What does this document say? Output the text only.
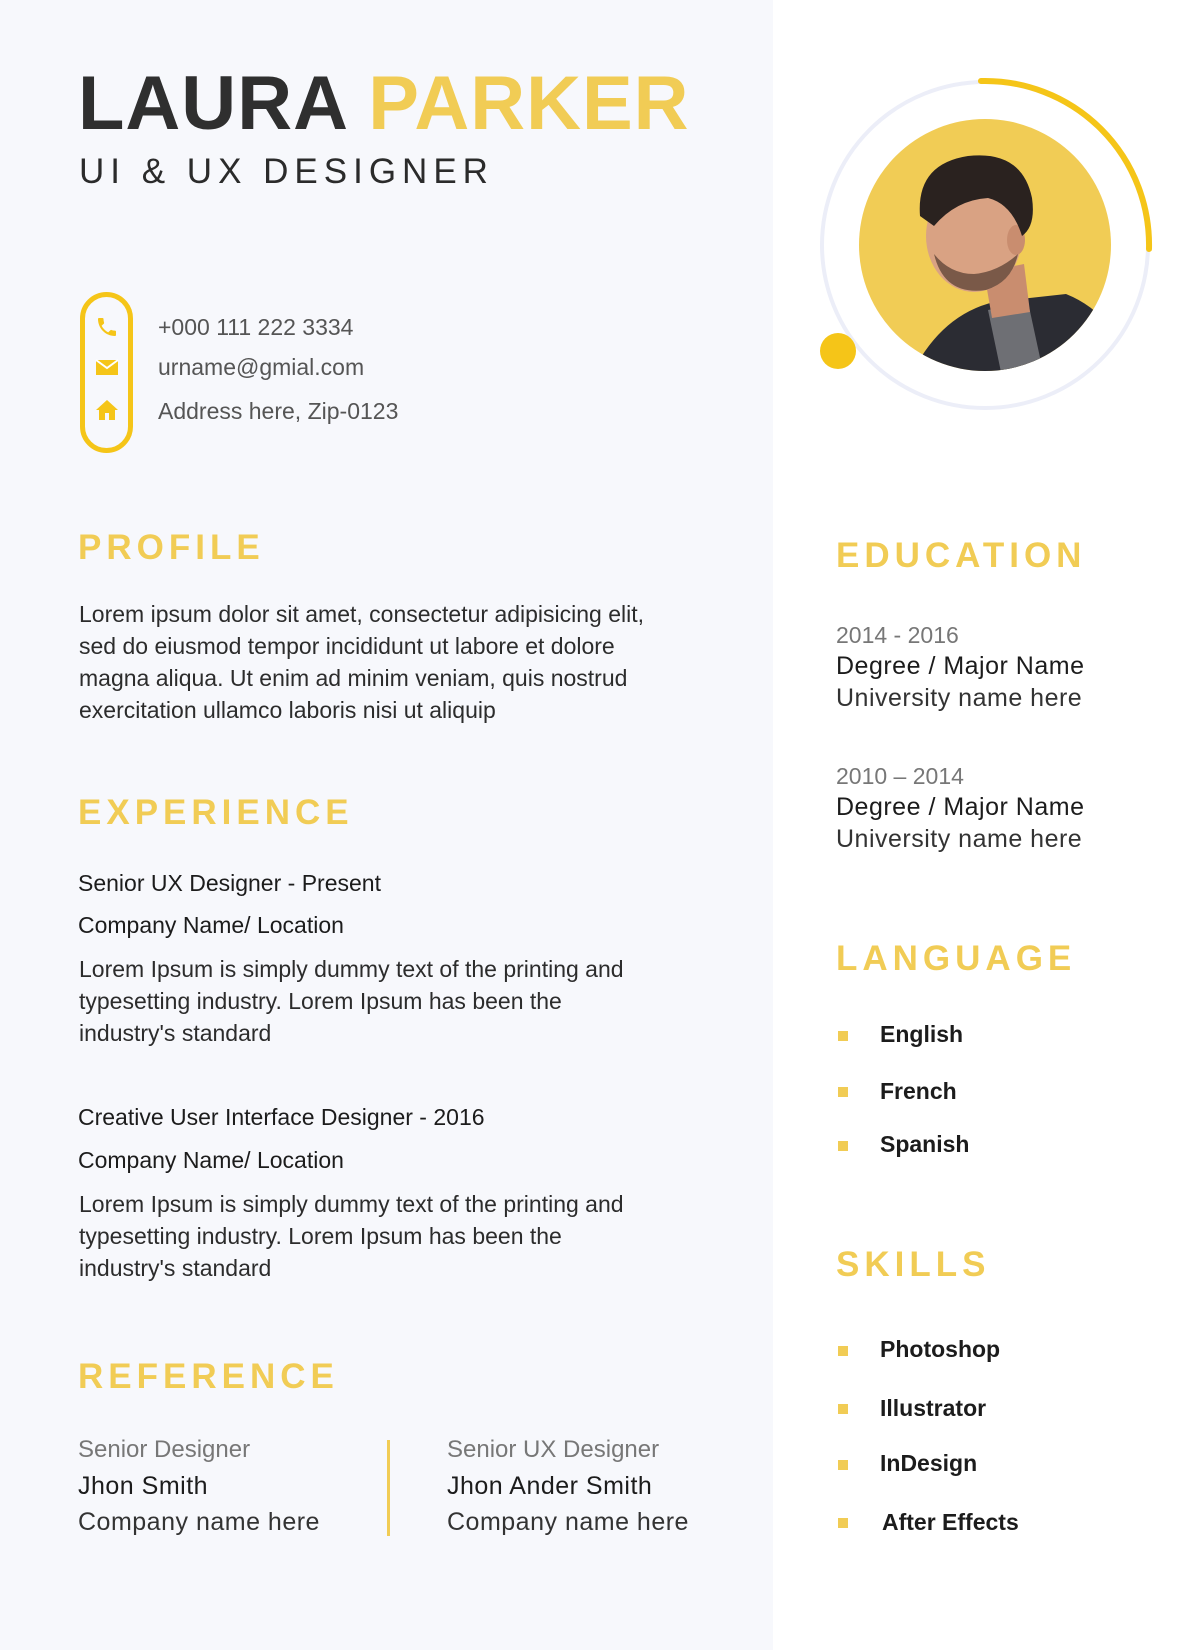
LAURA PARKER
UI & UX DESIGNER
+000 111 222 3334
urname@gmial.com
Address here, Zip-0123
PROFILE
Lorem ipsum dolor sit amet, consectetur adipisicing elit,
sed do eiusmod tempor incididunt ut labore et dolore
magna aliqua. Ut enim ad minim veniam, quis nostrud
exercitation ullamco laboris nisi ut aliquip
EXPERIENCE
Senior UX Designer - Present
Company Name/ Location
Lorem Ipsum is simply dummy text of the printing and
typesetting industry. Lorem Ipsum has been the
industry's standard
Creative User Interface Designer - 2016
Company Name/ Location
Lorem Ipsum is simply dummy text of the printing and
typesetting industry. Lorem Ipsum has been the
industry's standard
REFERENCE
Senior Designer
Jhon Smith
Company name here
Senior UX Designer
Jhon Ander Smith
Company name here
EDUCATION
2014 - 2016
Degree / Major Name
University name here
2010 – 2014
Degree / Major Name
University name here
LANGUAGE
English
French
Spanish
SKILLS
Photoshop
Illustrator
InDesign
After Effects
